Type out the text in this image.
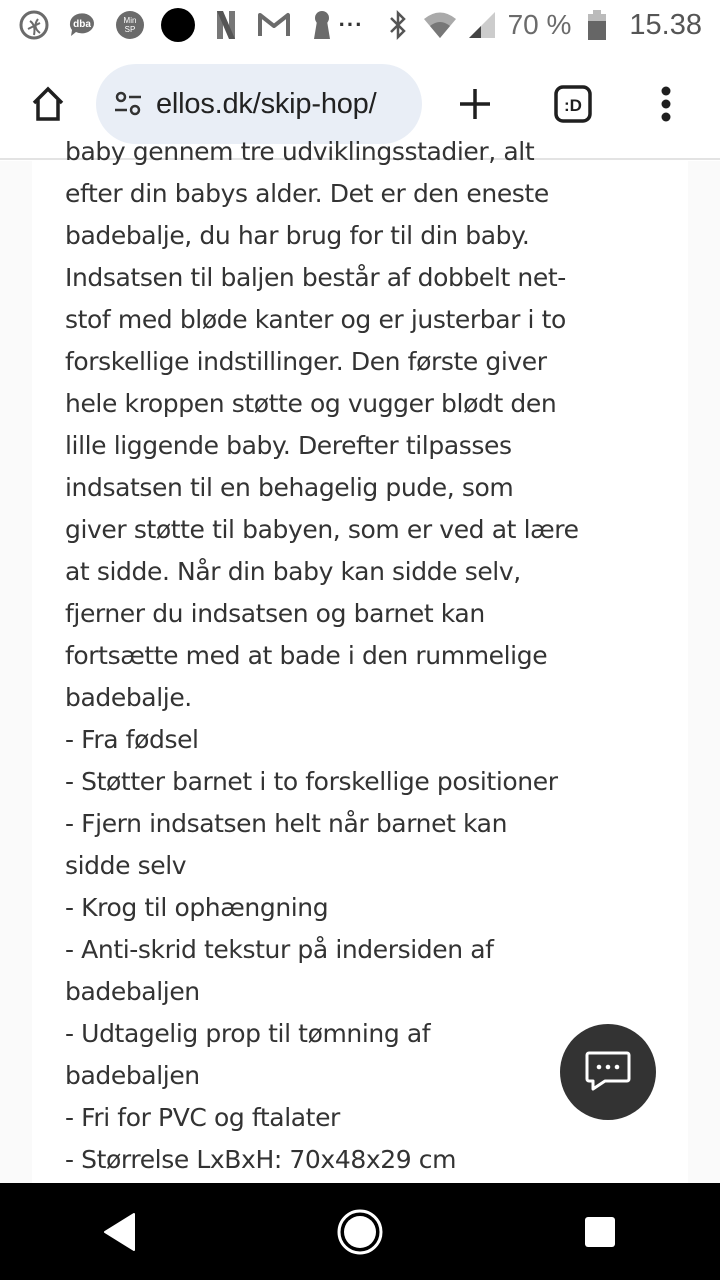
dba	Min
SP	···	70 % 15.38
ellos.dk/skip-hop/	:D
baby gennem tre udviklingsstadier, alt
efter din babys alder. Det er den eneste
badebalje, du har brug for til din baby.
Indsatsen til baljen består af dobbelt net-
stof med bløde kanter og er justerbar i to
forskellige indstillinger. Den første giver
hele kroppen støtte og vugger blødt den
lille liggende baby. Derefter tilpasses
indsatsen til en behagelig pude, som
giver støtte til babyen, som er ved at lære
at sidde. Når din baby kan sidde selv,
fjerner du indsatsen og barnet kan
fortsætte med at bade i den rummelige
badebalje.
- Fra fødsel
- Støtter barnet i to forskellige positioner
- Fjern indsatsen helt når barnet kan
sidde selv
- Krog til ophængning
- Anti-skrid tekstur på indersiden af
badebaljen
- Udtagelig prop til tømning af
badebaljen
- Fri for PVC og ftalater
- Størrelse LxBxH: 70x48x29 cm
